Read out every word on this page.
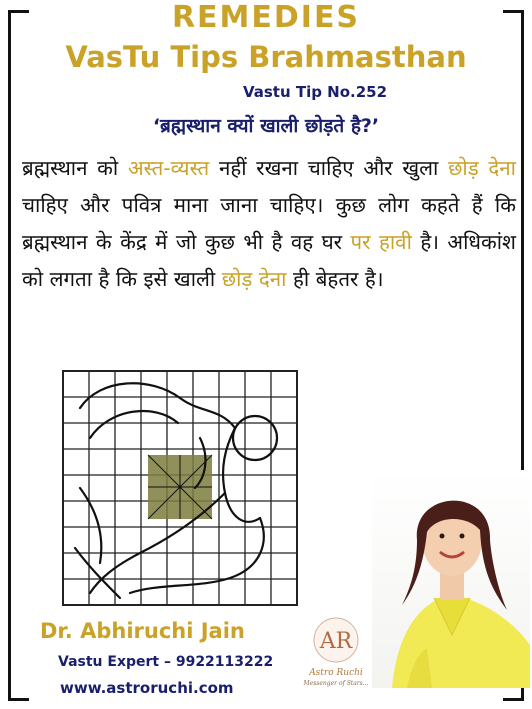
REMEDIES
VasTu Tips Brahmasthan
Vastu Tip No.252
‘ब्रह्मस्थान क्यों खाली छोड़ते है?’
ब्रह्मस्थान को अस्त-व्यस्त नहीं रखना चाहिए और खुला छोड़ देना चाहिए और पवित्र माना जाना चाहिए। कुछ लोग कहते हैं कि ब्रह्मस्थान के केंद्र में जो कुछ भी है वह घर पर हावी है। अधिकांश को लगता है कि इसे खाली छोड़ देना ही बेहतर है।
Dr. Abhiruchi Jain
Vastu Expert – 9922113222
www.astroruchi.com
AR
Astro Ruchi
Messenger of Stars...
